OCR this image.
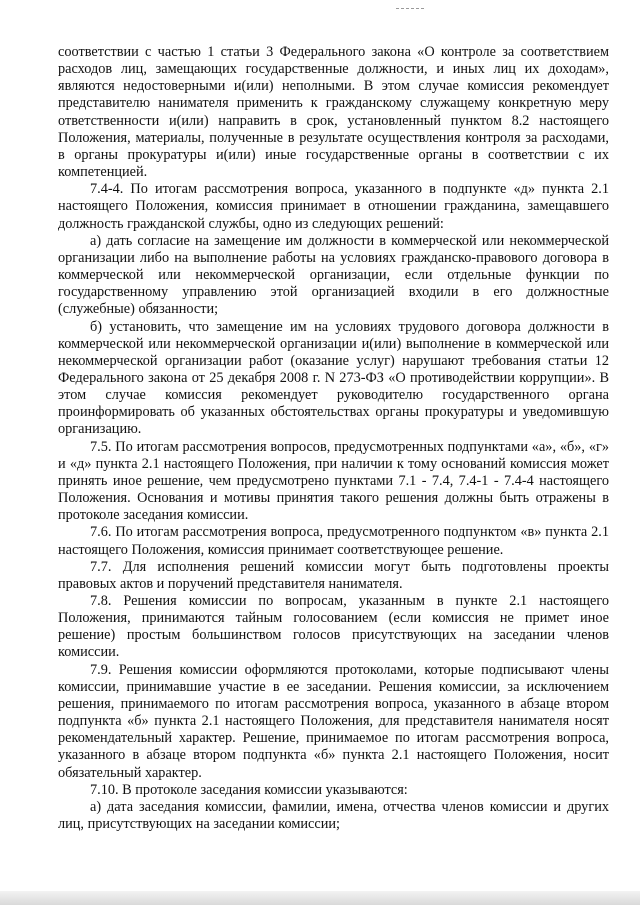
соответствии с частью 1 статьи 3 Федерального закона «О контроле за соответствием расходов лиц, замещающих государственные должности, и иных лиц их доходам», являются недостоверными и(или) неполными. В этом случае комиссия рекомендует представителю нанимателя применить к гражданскому служащему конкретную меру ответственности и(или) направить в срок, установленный пунктом 8.2 настоящего Положения, материалы, полученные в результате осуществления контроля за расходами, в органы прокуратуры и(или) иные государственные органы в соответствии с их компетенцией.

7.4-4. По итогам рассмотрения вопроса, указанного в подпункте «д» пункта 2.1 настоящего Положения, комиссия принимает в отношении гражданина, замещавшего должность гражданской службы, одно из следующих решений:

а) дать согласие на замещение им должности в коммерческой или некоммерческой организации либо на выполнение работы на условиях гражданско-правового договора в коммерческой или некоммерческой организации, если отдельные функции по государственному управлению этой организацией входили в его должностные (служебные) обязанности;

б) установить, что замещение им на условиях трудового договора должности в коммерческой или некоммерческой организации и(или) выполнение в коммерческой или некоммерческой организации работ (оказание услуг) нарушают требования статьи 12 Федерального закона от 25 декабря 2008 г. N 273-ФЗ «О противодействии коррупции». В этом случае комиссия рекомендует руководителю государственного органа проинформировать об указанных обстоятельствах органы прокуратуры и уведомившую организацию.

7.5. По итогам рассмотрения вопросов, предусмотренных подпунктами «а», «б», «г» и «д» пункта 2.1 настоящего Положения, при наличии к тому оснований комиссия может принять иное решение, чем предусмотрено пунктами 7.1 - 7.4, 7.4-1 - 7.4-4 настоящего Положения. Основания и мотивы принятия такого решения должны быть отражены в протоколе заседания комиссии.

7.6. По итогам рассмотрения вопроса, предусмотренного подпунктом «в» пункта 2.1 настоящего Положения, комиссия принимает соответствующее решение.

7.7. Для исполнения решений комиссии могут быть подготовлены проекты правовых актов и поручений представителя нанимателя.

7.8. Решения комиссии по вопросам, указанным в пункте 2.1 настоящего Положения, принимаются тайным голосованием (если комиссия не примет иное решение) простым большинством голосов присутствующих на заседании членов комиссии.

7.9. Решения комиссии оформляются протоколами, которые подписывают члены комиссии, принимавшие участие в ее заседании. Решения комиссии, за исключением решения, принимаемого по итогам рассмотрения вопроса, указанного в абзаце втором подпункта «б» пункта 2.1 настоящего Положения, для представителя нанимателя носят рекомендательный характер. Решение, принимаемое по итогам рассмотрения вопроса, указанного в абзаце втором подпункта «б» пункта 2.1 настоящего Положения, носит обязательный характер.

7.10. В протоколе заседания комиссии указываются:

а) дата заседания комиссии, фамилии, имена, отчества членов комиссии и других лиц, присутствующих на заседании комиссии;
